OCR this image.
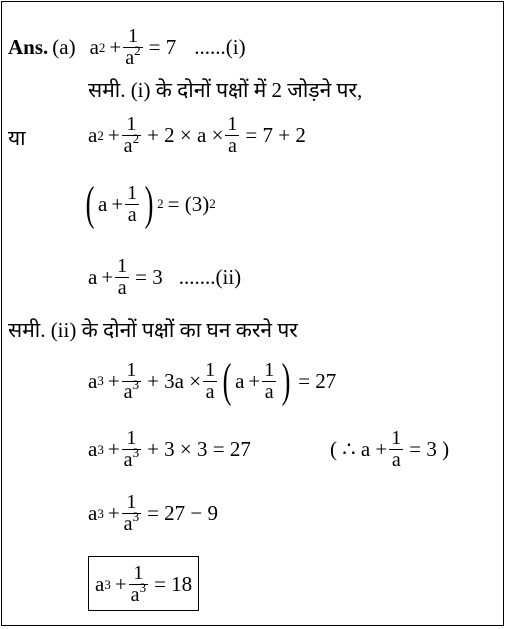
Ans. (a) a $2 + \frac{1}{a^2} = 7$ ......(i)
समी. (i) के दोनों पक्षों में 2 जोड़ने पर,
या	a $2 + \frac{1}{a^2} + 2 \times a \times \frac{1}{a} = 7 + 2$
( $a + \frac{1}{a}$ ) 2 = (3) 2
$a + \frac{1}{a} = 3$ .......(ii)
समी. (ii) के दोनों पक्षों का घन करने पर
a $3 + \frac{1}{a^3} + 3a \times \frac{1}{a}$ ( $a + \frac{1}{a}$ ) = 27
a $3 + \frac{1}{a^3} + 3 \times 3 = 27$	( ∴ $a + \frac{1}{a} = 3$ )
a $3 + \frac{1}{a^3} = 27 - 9$
a $3 + \frac{1}{a^3} = 18$
